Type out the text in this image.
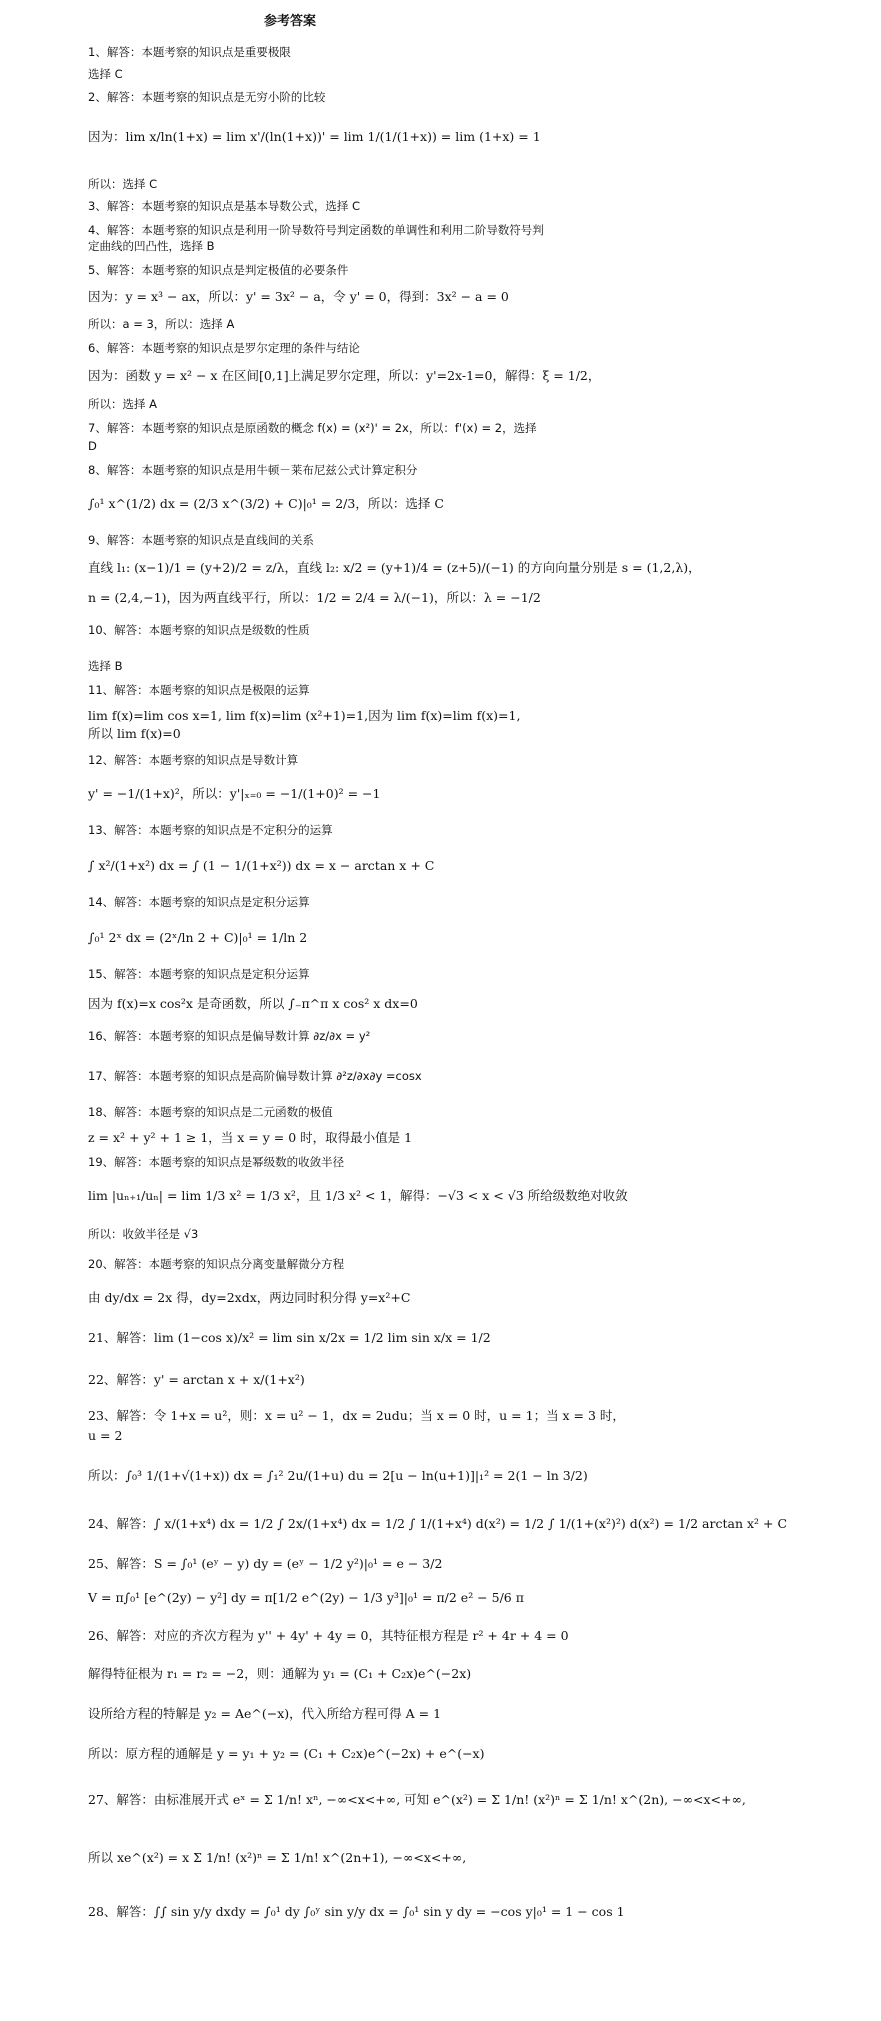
参考答案
1、解答：本题考察的知识点是重要极限
选择 C
2、解答：本题考察的知识点是无穷小阶的比较
因为：lim x/ln(1+x) = lim x'/(ln(1+x))' = lim 1/(1/(1+x)) = lim (1+x) = 1
所以：选择 C
3、解答：本题考察的知识点是基本导数公式，选择 C
4、解答：本题考察的知识点是利用一阶导数符号判定函数的单调性和利用二阶导数符号判
定曲线的凹凸性，选择 B
5、解答：本题考察的知识点是判定极值的必要条件
因为：y = x³ − ax，所以：y' = 3x² − a，令 y' = 0，得到：3x² − a = 0
所以：a = 3，所以：选择 A
6、解答：本题考察的知识点是罗尔定理的条件与结论
因为：函数 y = x² − x 在区间[0,1]上满足罗尔定理，所以：y'=2x-1=0，解得：ξ = 1/2，
所以：选择 A
7、解答：本题考察的知识点是原函数的概念 f(x) = (x²)' = 2x，所以：f'(x) = 2，选择
D
8、解答：本题考察的知识点是用牛顿－莱布尼兹公式计算定积分
∫₀¹ x^(1/2) dx = (2/3 x^(3/2) + C)|₀¹ = 2/3，所以：选择 C
9、解答：本题考察的知识点是直线间的关系
直线 l₁: (x−1)/1 = (y+2)/2 = z/λ，直线 l₂: x/2 = (y+1)/4 = (z+5)/(−1) 的方向向量分别是 s = (1,2,λ)，
n = (2,4,−1)，因为两直线平行，所以：1/2 = 2/4 = λ/(−1)，所以：λ = −1/2
10、解答：本题考察的知识点是级数的性质
选择 B
11、解答：本题考察的知识点是极限的运算
lim f(x)=lim cos x=1, lim f(x)=lim (x²+1)=1,因为 lim f(x)=lim f(x)=1,
所以 lim f(x)=0
12、解答：本题考察的知识点是导数计算
y' = −1/(1+x)²，所以：y'|ₓ₌₀ = −1/(1+0)² = −1
13、解答：本题考察的知识点是不定积分的运算
∫ x²/(1+x²) dx = ∫ (1 − 1/(1+x²)) dx = x − arctan x + C
14、解答：本题考察的知识点是定积分运算
∫₀¹ 2ˣ dx = (2ˣ/ln 2 + C)|₀¹ = 1/ln 2
15、解答：本题考察的知识点是定积分运算
因为 f(x)=x cos²x 是奇函数，所以 ∫₋π^π x cos² x dx=0
16、解答：本题考察的知识点是偏导数计算 ∂z/∂x = y²
17、解答：本题考察的知识点是高阶偏导数计算 ∂²z/∂x∂y =cosx
18、解答：本题考察的知识点是二元函数的极值
z = x² + y² + 1 ≥ 1，当 x = y = 0 时，取得最小值是 1
19、解答：本题考察的知识点是幂级数的收敛半径
lim |uₙ₊₁/uₙ| = lim 1/3 x² = 1/3 x²，且 1/3 x² < 1，解得：−√3 < x < √3 所给级数绝对收敛
所以：收敛半径是 √3
20、解答：本题考察的知识点分离变量解微分方程
由 dy/dx = 2x 得，dy=2xdx，两边同时积分得 y=x²+C
21、解答：lim (1−cos x)/x² = lim sin x/2x = 1/2 lim sin x/x = 1/2
22、解答：y' = arctan x + x/(1+x²)
23、解答：令 1+x = u²，则：x = u² − 1，dx = 2udu；当 x = 0 时，u = 1；当 x = 3 时，
u = 2
所以：∫₀³ 1/(1+√(1+x)) dx = ∫₁² 2u/(1+u) du = 2[u − ln(u+1)]|₁² = 2(1 − ln 3/2)
24、解答：∫ x/(1+x⁴) dx = 1/2 ∫ 2x/(1+x⁴) dx = 1/2 ∫ 1/(1+x⁴) d(x²) = 1/2 ∫ 1/(1+(x²)²) d(x²) = 1/2 arctan x² + C
25、解答：S = ∫₀¹ (eʸ − y) dy = (eʸ − 1/2 y²)|₀¹ = e − 3/2
V = π∫₀¹ [e^(2y) − y²] dy = π[1/2 e^(2y) − 1/3 y³]|₀¹ = π/2 e² − 5/6 π
26、解答：对应的齐次方程为 y'' + 4y' + 4y = 0，其特征根方程是 r² + 4r + 4 = 0
解得特征根为 r₁ = r₂ = −2，则：通解为 y₁ = (C₁ + C₂x)e^(−2x)
设所给方程的特解是 y₂ = Ae^(−x)，代入所给方程可得 A = 1
所以：原方程的通解是 y = y₁ + y₂ = (C₁ + C₂x)e^(−2x) + e^(−x)
27、解答：由标准展开式 eˣ = Σ 1/n! xⁿ, −∞<x<+∞, 可知 e^(x²) = Σ 1/n! (x²)ⁿ = Σ 1/n! x^(2n), −∞<x<+∞,
所以 xe^(x²) = x Σ 1/n! (x²)ⁿ = Σ 1/n! x^(2n+1), −∞<x<+∞,
28、解答：∫∫ sin y/y dxdy = ∫₀¹ dy ∫₀ʸ sin y/y dx = ∫₀¹ sin y dy = −cos y|₀¹ = 1 − cos 1
